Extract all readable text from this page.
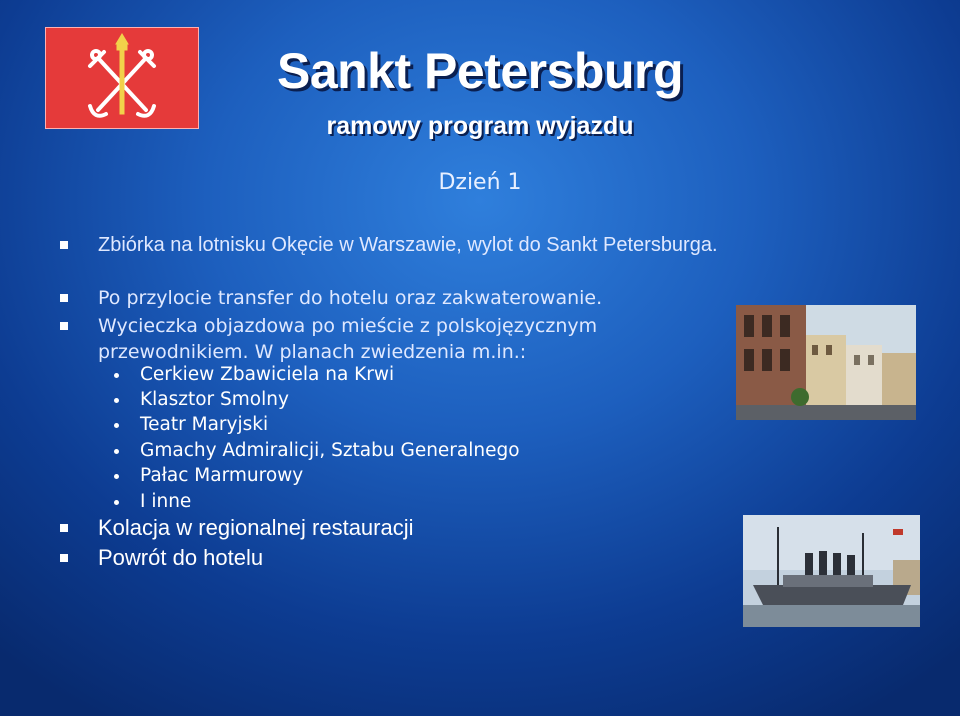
Sankt Petersburg
ramowy program wyjazdu
Dzień 1
Zbiórka na lotnisku Okęcie w Warszawie, wylot do Sankt Petersburga.
Po przylocie transfer do hotelu oraz zakwaterowanie.
Wycieczka objazdowa po mieście z polskojęzycznym przewodnikiem. W planach zwiedzenia m.in.:
Cerkiew Zbawiciela na Krwi
Klasztor Smolny
Teatr Maryjski
Gmachy Admiralicji, Sztabu Generalnego
Pałac Marmurowy
I inne
Kolacja w regionalnej restauracji
Powrót do hotelu
